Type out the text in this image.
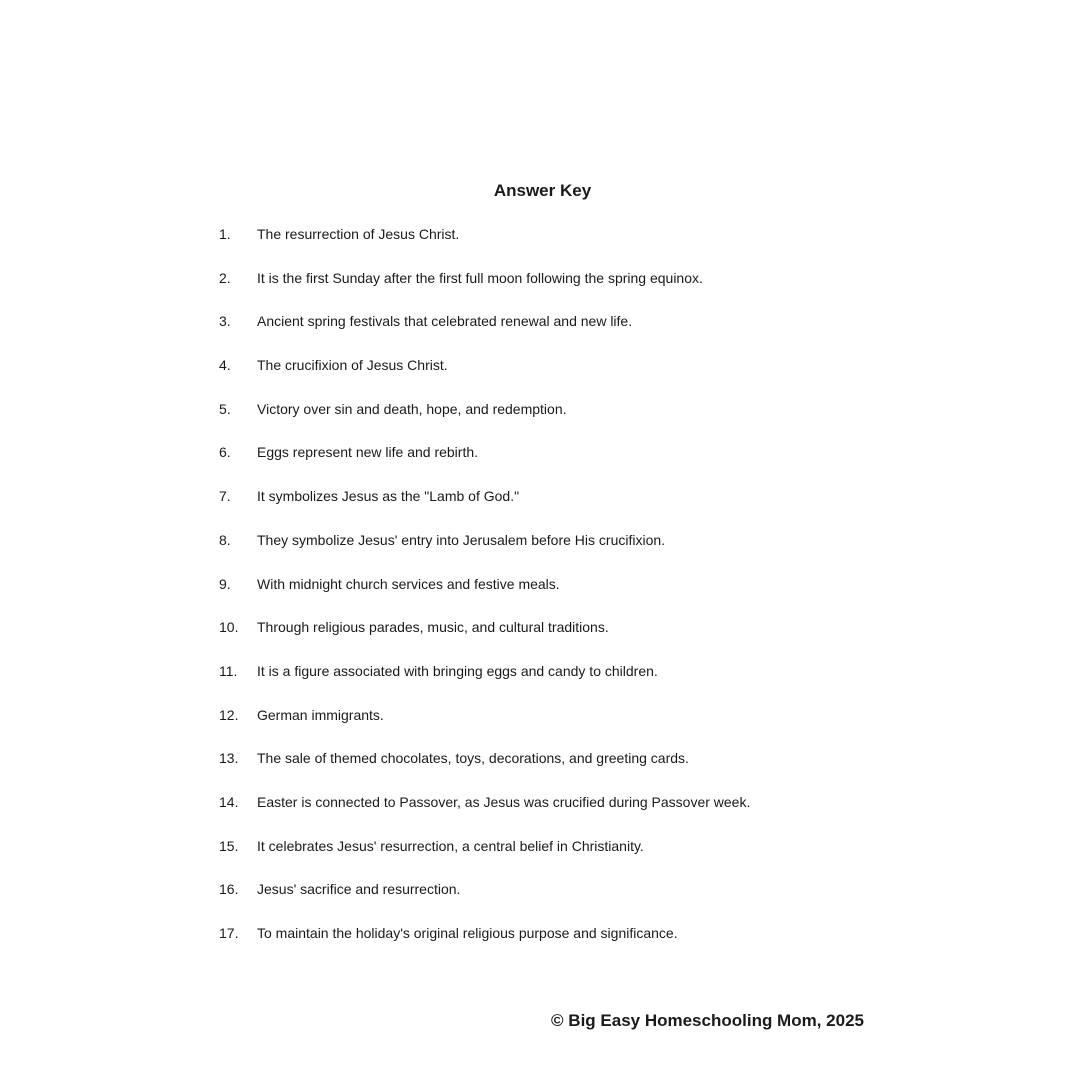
Answer Key
1.	The resurrection of Jesus Christ.
2.	It is the first Sunday after the first full moon following the spring equinox.
3.	Ancient spring festivals that celebrated renewal and new life.
4.	The crucifixion of Jesus Christ.
5.	Victory over sin and death, hope, and redemption.
6.	Eggs represent new life and rebirth.
7.	It symbolizes Jesus as the "Lamb of God."
8.	They symbolize Jesus' entry into Jerusalem before His crucifixion.
9.	With midnight church services and festive meals.
10.	Through religious parades, music, and cultural traditions.
11.	It is a figure associated with bringing eggs and candy to children.
12.	German immigrants.
13.	The sale of themed chocolates, toys, decorations, and greeting cards.
14.	Easter is connected to Passover, as Jesus was crucified during Passover week.
15.	It celebrates Jesus' resurrection, a central belief in Christianity.
16.	Jesus' sacrifice and resurrection.
17.	To maintain the holiday's original religious purpose and significance.
© Big Easy Homeschooling Mom, 2025
